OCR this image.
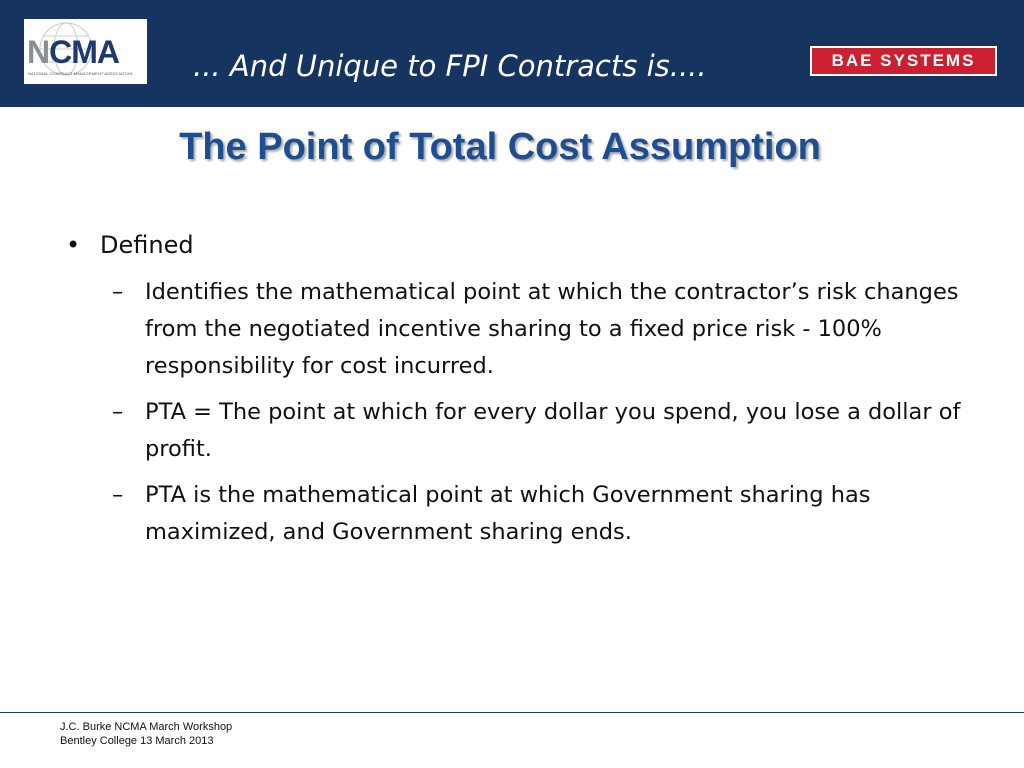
NCMA
NATIONAL CONTRACT MANAGEMENT ASSOCIATION	... And Unique to FPI Contracts is....	BAE SYSTEMS
The Point of Total Cost Assumption
• Defined
– Identifies the mathematical point at which the contractor’s risk changes from the negotiated incentive sharing to a fixed price risk - 100% responsibility for cost incurred.
– PTA = The point at which for every dollar you spend, you lose a dollar of profit.
– PTA is the mathematical point at which Government sharing has maximized, and Government sharing ends.
J.C. Burke NCMA March Workshop
Bentley College 13 March 2013
